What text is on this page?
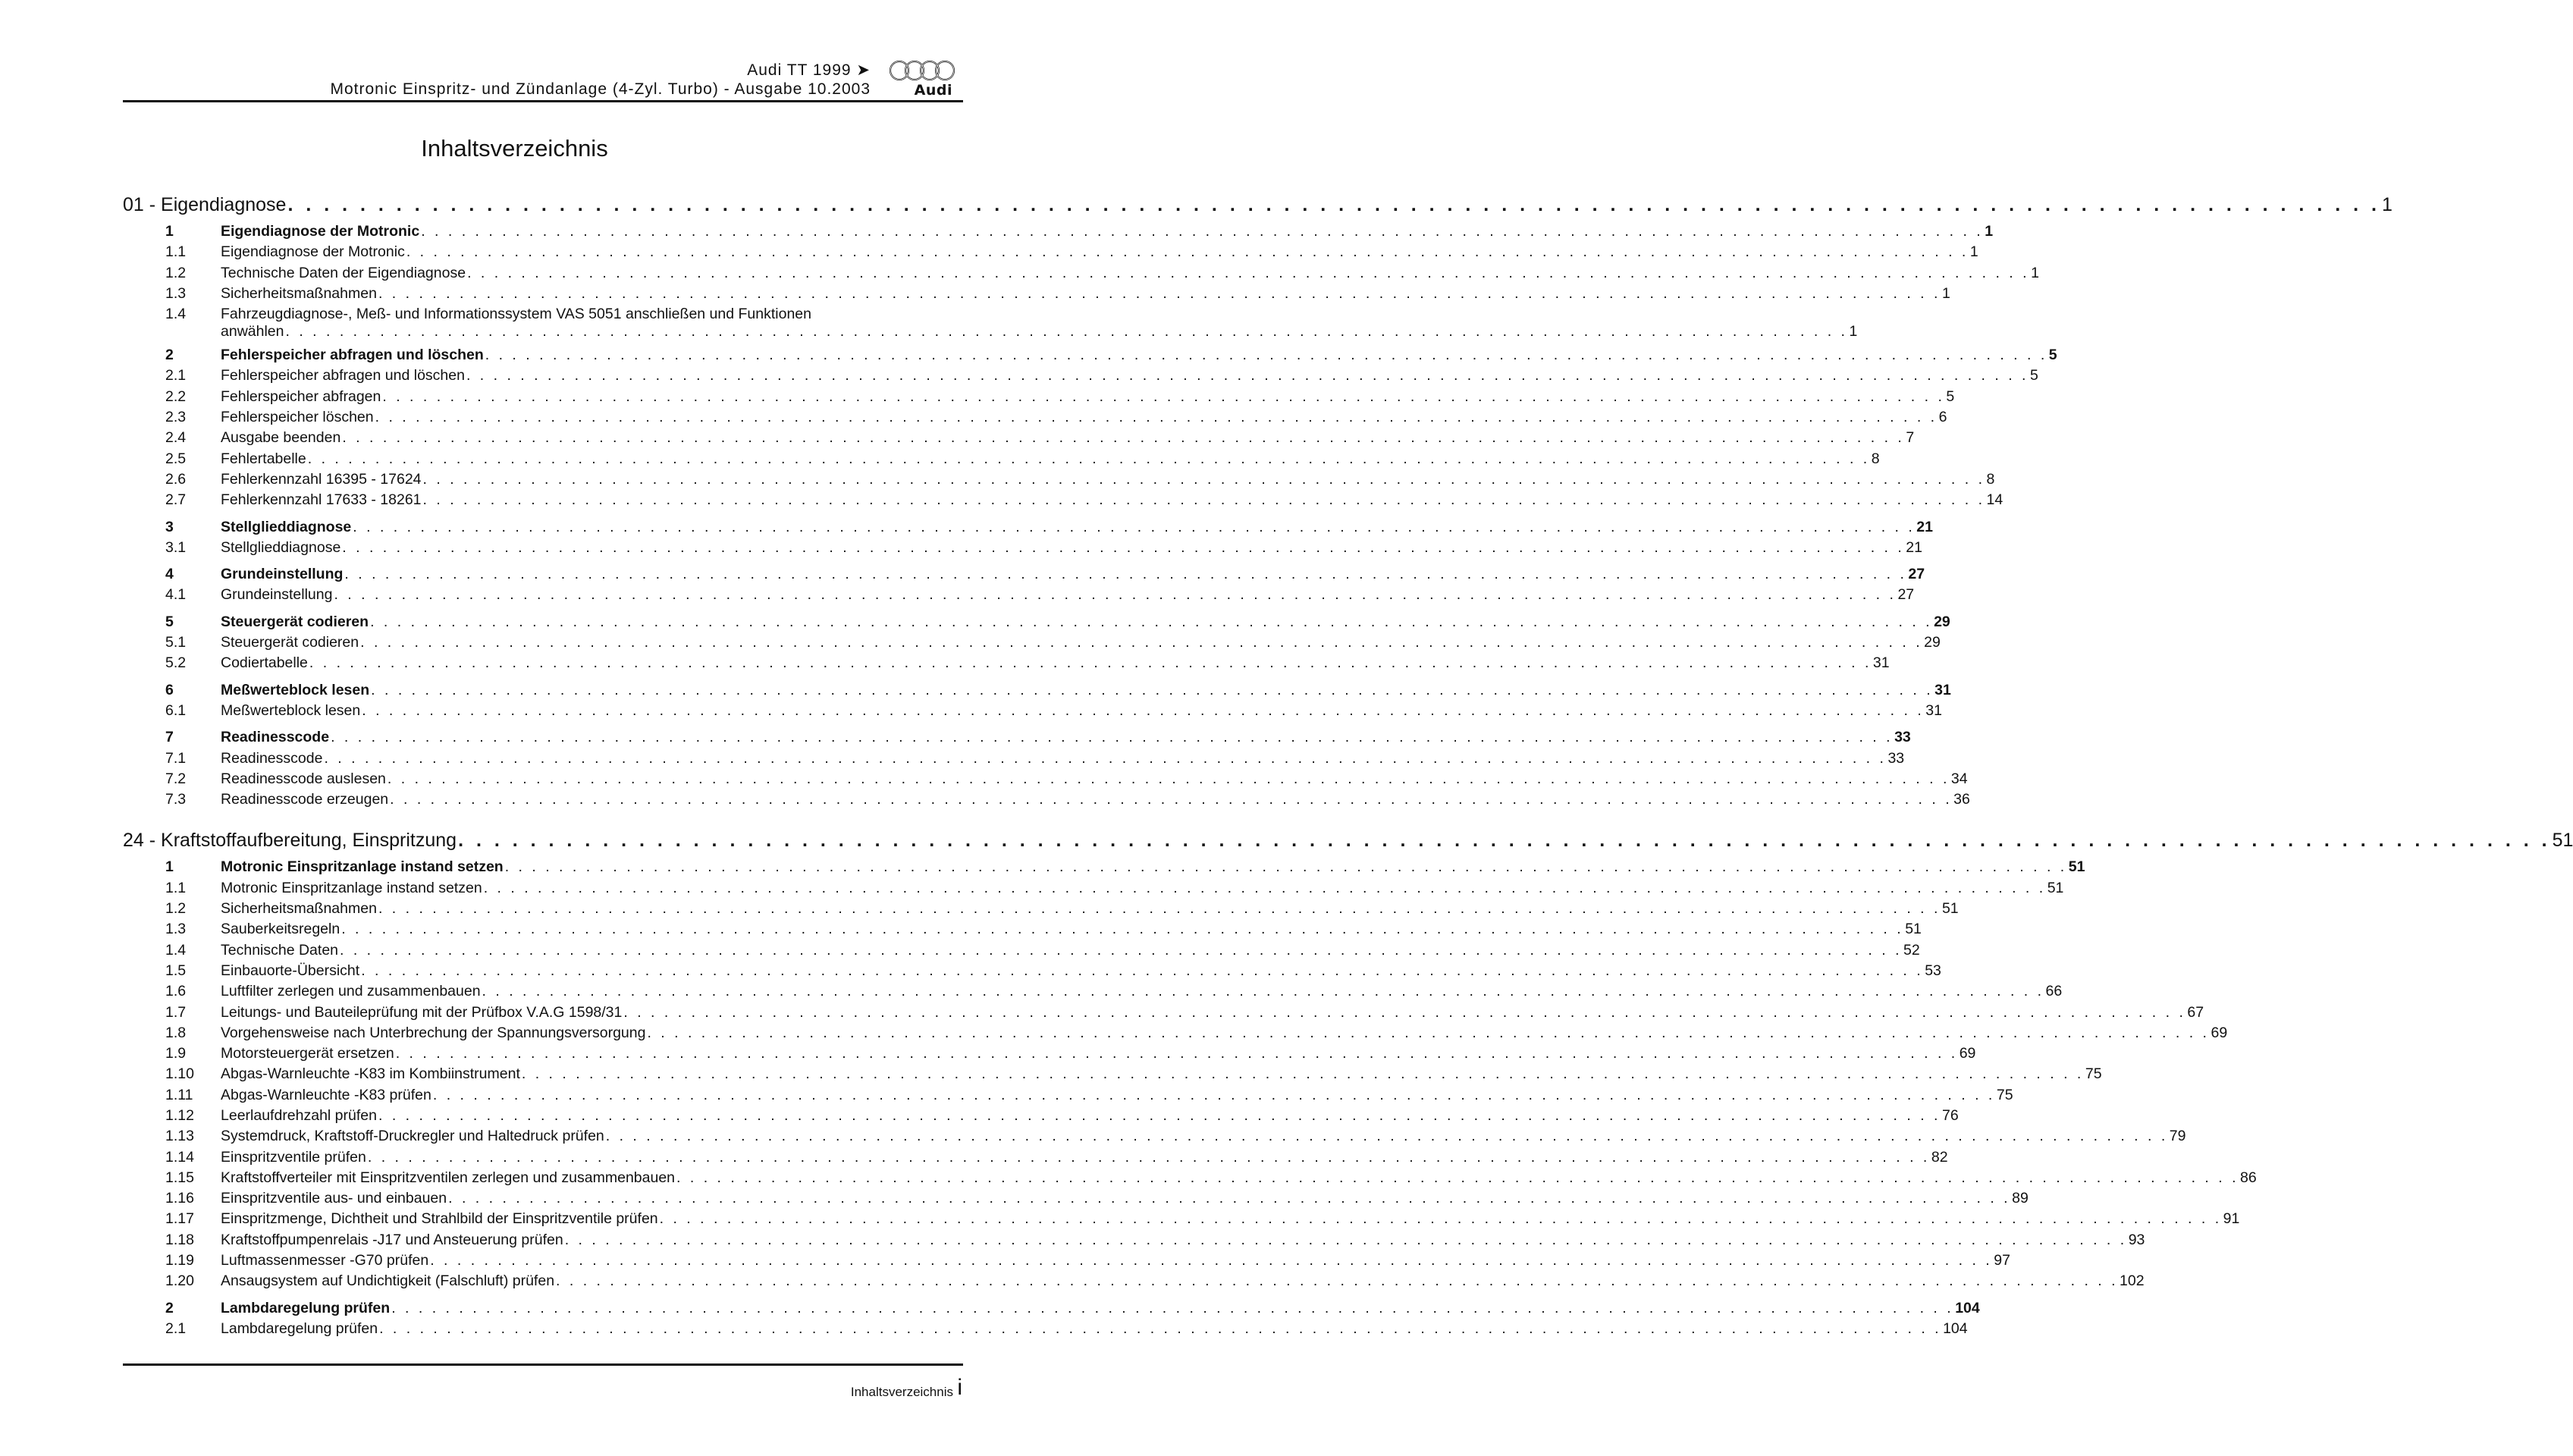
Audi TT 1999 ➤
Motronic Einspritz- und Zündanlage (4-Zyl. Turbo) - Ausgabe 10.2003	Audi
Inhaltsverzeichnis
01 - Eigendiagnose . . .	1
1	Eigendiagnose der Motronic . . .	1
1.1	Eigendiagnose der Motronic . . .	1
1.2	Technische Daten der Eigendiagnose . . .	1
1.3	Sicherheitsmaßnahmen . . .	1
1.4	Fahrzeugdiagnose-, Meß- und Informationssystem VAS 5051 anschließen und Funktionen
anwählen . . .	1
2	Fehlerspeicher abfragen und löschen . . .	5
2.1	Fehlerspeicher abfragen und löschen . . .	5
2.2	Fehlerspeicher abfragen . . .	5
2.3	Fehlerspeicher löschen . . .	6
2.4	Ausgabe beenden . . .	7
2.5	Fehlertabelle . . .	8
2.6	Fehlerkennzahl 16395 - 17624 . . .	8
2.7	Fehlerkennzahl 17633 - 18261 . . .	14
3	Stellglieddiagnose . . .	21
3.1	Stellglieddiagnose . . .	21
4	Grundeinstellung . . .	27
4.1	Grundeinstellung . . .	27
5	Steuergerät codieren . . .	29
5.1	Steuergerät codieren . . .	29
5.2	Codiertabelle . . .	31
6	Meßwerteblock lesen . . .	31
6.1	Meßwerteblock lesen . . .	31
7	Readinesscode . . .	33
7.1	Readinesscode . . .	33
7.2	Readinesscode auslesen . . .	34
7.3	Readinesscode erzeugen . . .	36
24 - Kraftstoffaufbereitung, Einspritzung . . .	51
1	Motronic Einspritzanlage instand setzen . . .	51
1.1	Motronic Einspritzanlage instand setzen . . .	51
1.2	Sicherheitsmaßnahmen . . .	51
1.3	Sauberkeitsregeln . . .	51
1.4	Technische Daten . . .	52
1.5	Einbauorte-Übersicht . . .	53
1.6	Luftfilter zerlegen und zusammenbauen . . .	66
1.7	Leitungs- und Bauteileprüfung mit der Prüfbox V.A.G 1598/31 . . .	67
1.8	Vorgehensweise nach Unterbrechung der Spannungsversorgung . . .	69
1.9	Motorsteuergerät ersetzen . . .	69
1.10	Abgas-Warnleuchte -K83 im Kombiinstrument . . .	75
1.11	Abgas-Warnleuchte -K83 prüfen . . .	75
1.12	Leerlaufdrehzahl prüfen . . .	76
1.13	Systemdruck, Kraftstoff-Druckregler und Haltedruck prüfen . . .	79
1.14	Einspritzventile prüfen . . .	82
1.15	Kraftstoffverteiler mit Einspritzventilen zerlegen und zusammenbauen . . .	86
1.16	Einspritzventile aus- und einbauen . . .	89
1.17	Einspritzmenge, Dichtheit und Strahlbild der Einspritzventile prüfen . . .	91
1.18	Kraftstoffpumpenrelais -J17 und Ansteuerung prüfen . . .	93
1.19	Luftmassenmesser -G70 prüfen . . .	97
1.20	Ansaugsystem auf Undichtigkeit (Falschluft) prüfen . . .	102
2	Lambdaregelung prüfen . . .	104
2.1	Lambdaregelung prüfen . . .	104
Inhaltsverzeichnis i
